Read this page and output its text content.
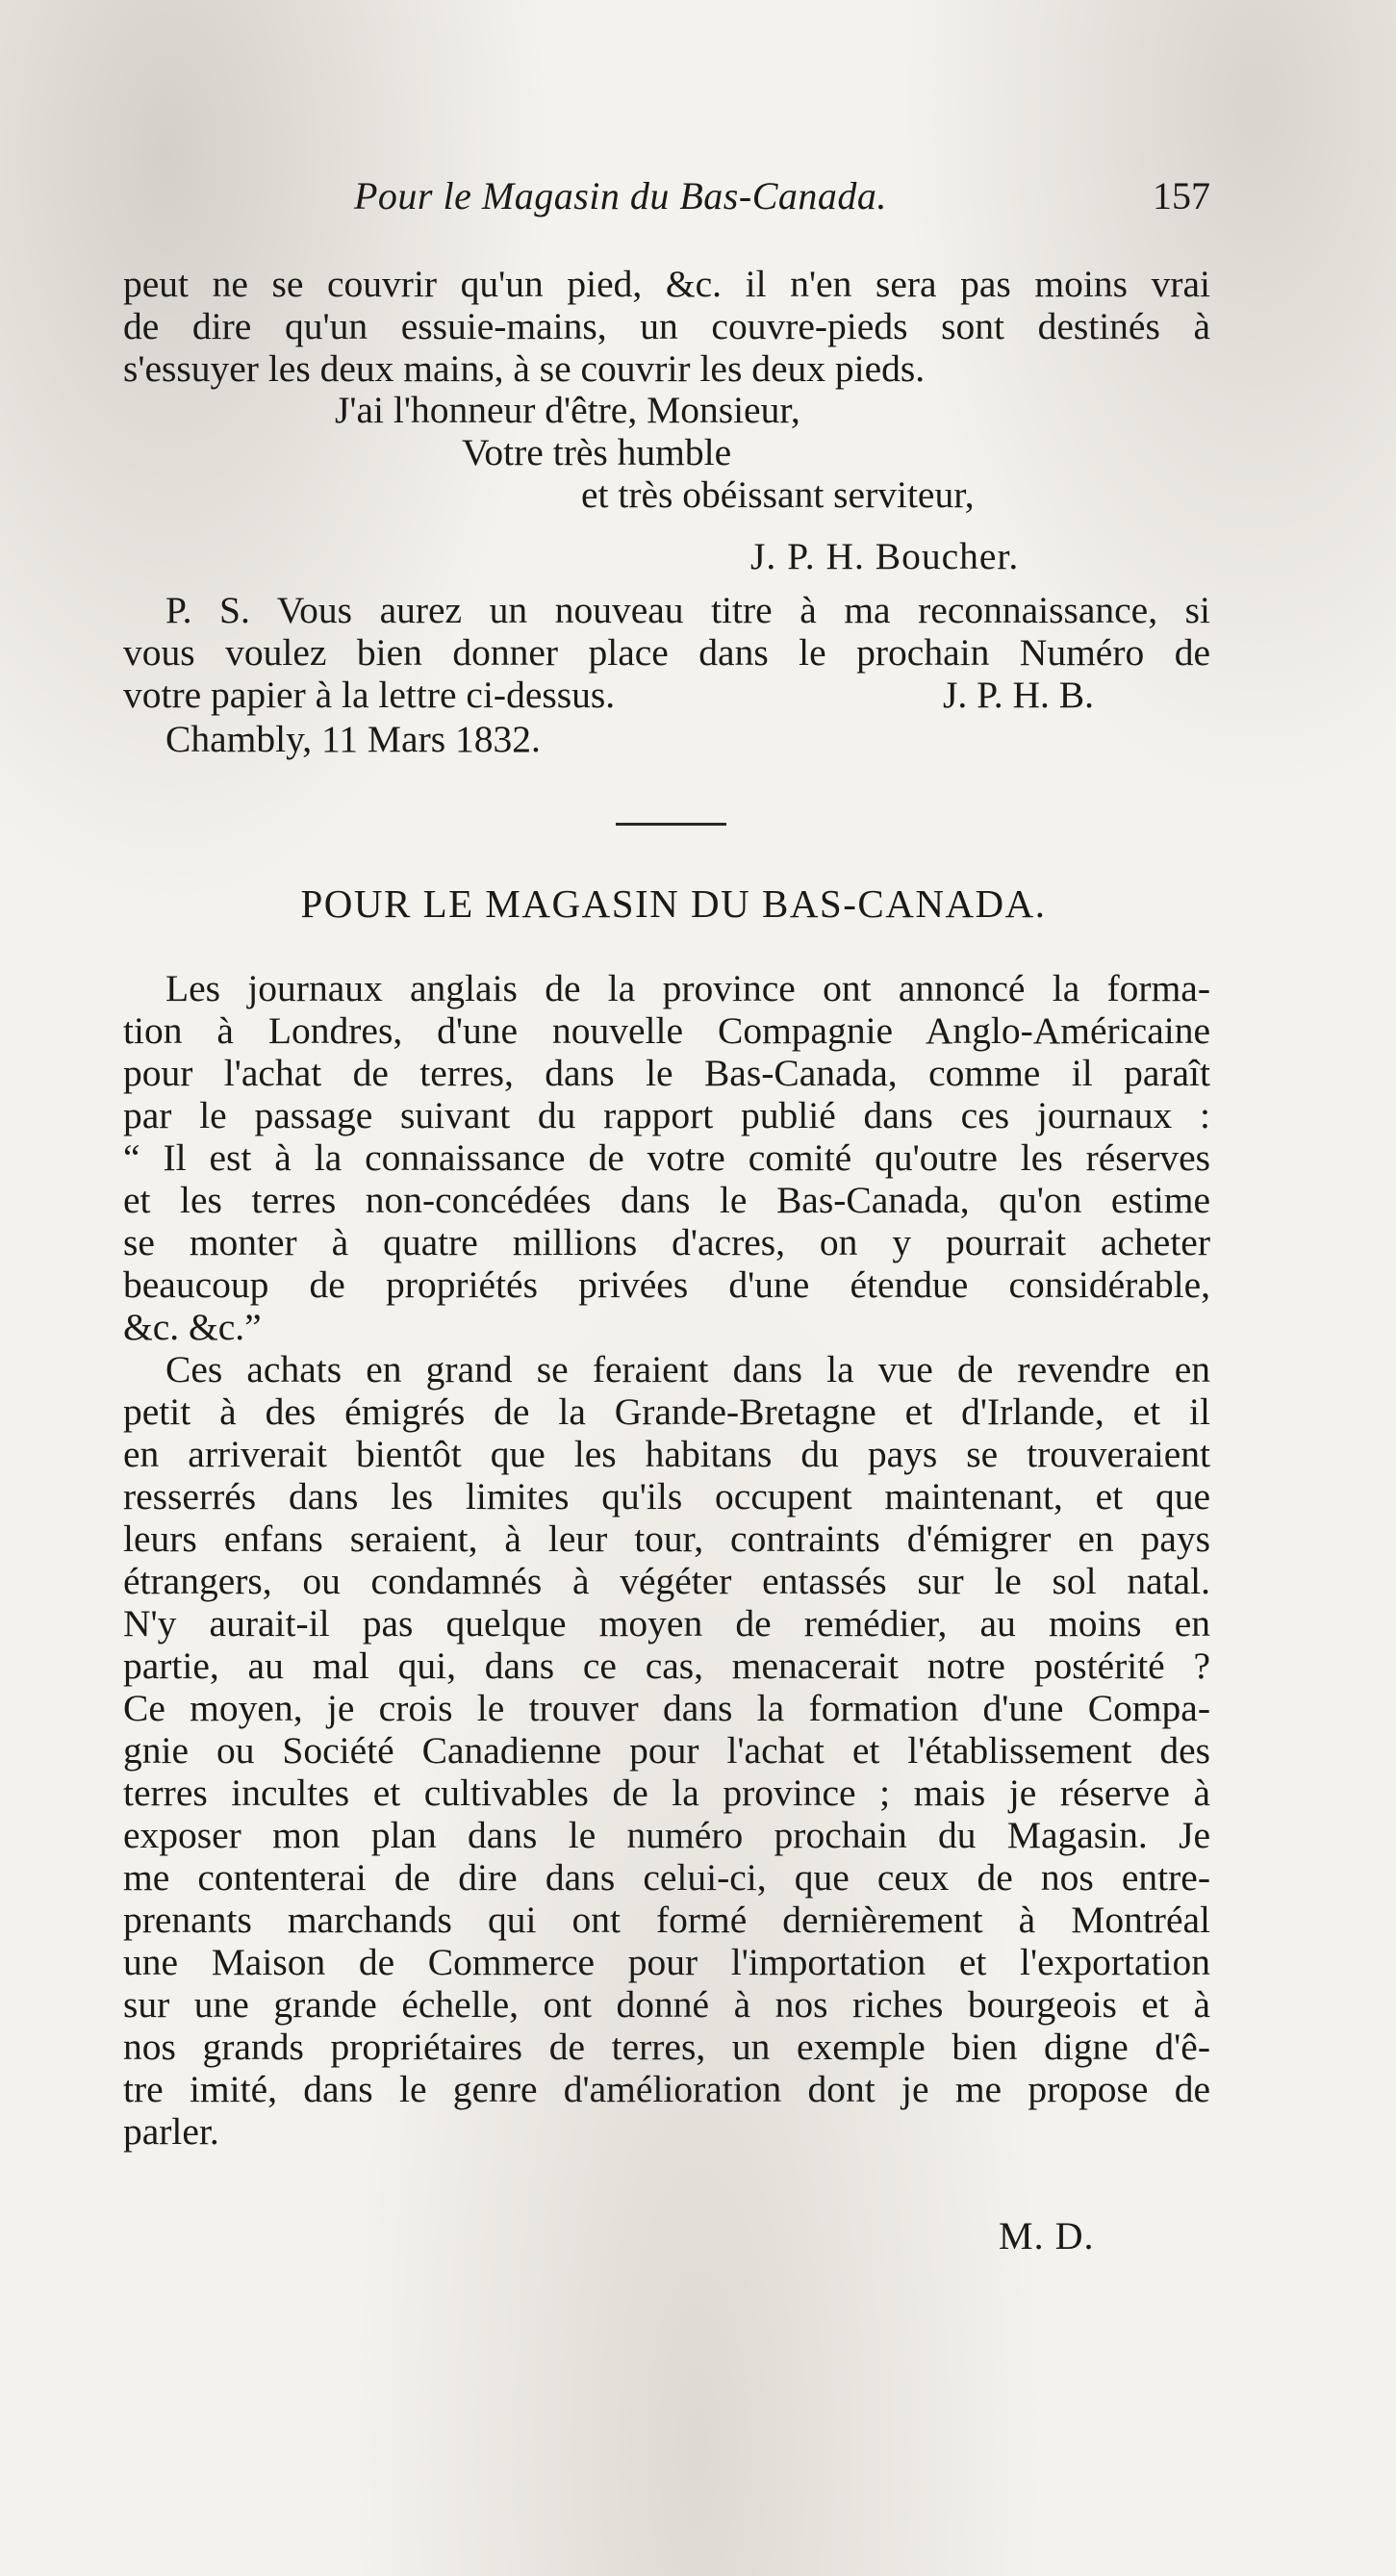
Pour le Magasin du Bas-Canada.	157
peut ne se couvrir qu'un pied, &c. il n'en sera pas moins vrai
de dire qu'un essuie-mains, un couvre-pieds sont destinés à
s'essuyer les deux mains, à se couvrir les deux pieds.
J'ai l'honneur d'être, Monsieur,
Votre très humble
et très obéissant serviteur,
J. P. H. Boucher.
P. S. Vous aurez un nouveau titre à ma reconnaissance, si
vous voulez bien donner place dans le prochain Numéro de
votre papier à la lettre ci-dessus.	J. P. H. B.
Chambly, 11 Mars 1832.
POUR LE MAGASIN DU BAS-CANADA.
Les journaux anglais de la province ont annoncé la forma-
tion à Londres, d'une nouvelle Compagnie Anglo-Américaine
pour l'achat de terres, dans le Bas-Canada, comme il paraît
par le passage suivant du rapport publié dans ces journaux :
“ Il est à la connaissance de votre comité qu'outre les réserves
et les terres non-concédées dans le Bas-Canada, qu'on estime
se monter à quatre millions d'acres, on y pourrait acheter
beaucoup de propriétés privées d'une étendue considérable,
&c. &c.”
Ces achats en grand se feraient dans la vue de revendre en
petit à des émigrés de la Grande-Bretagne et d'Irlande, et il
en arriverait bientôt que les habitans du pays se trouveraient
resserrés dans les limites qu'ils occupent maintenant, et que
leurs enfans seraient, à leur tour, contraints d'émigrer en pays
étrangers, ou condamnés à végéter entassés sur le sol natal.
N'y aurait-il pas quelque moyen de remédier, au moins en
partie, au mal qui, dans ce cas, menacerait notre postérité ?
Ce moyen, je crois le trouver dans la formation d'une Compa-
gnie ou Société Canadienne pour l'achat et l'établissement des
terres incultes et cultivables de la province ; mais je réserve à
exposer mon plan dans le numéro prochain du Magasin. Je
me contenterai de dire dans celui-ci, que ceux de nos entre-
prenants marchands qui ont formé dernièrement à Montréal
une Maison de Commerce pour l'importation et l'exportation
sur une grande échelle, ont donné à nos riches bourgeois et à
nos grands propriétaires de terres, un exemple bien digne d'ê-
tre imité, dans le genre d'amélioration dont je me propose de
parler.
M. D.
